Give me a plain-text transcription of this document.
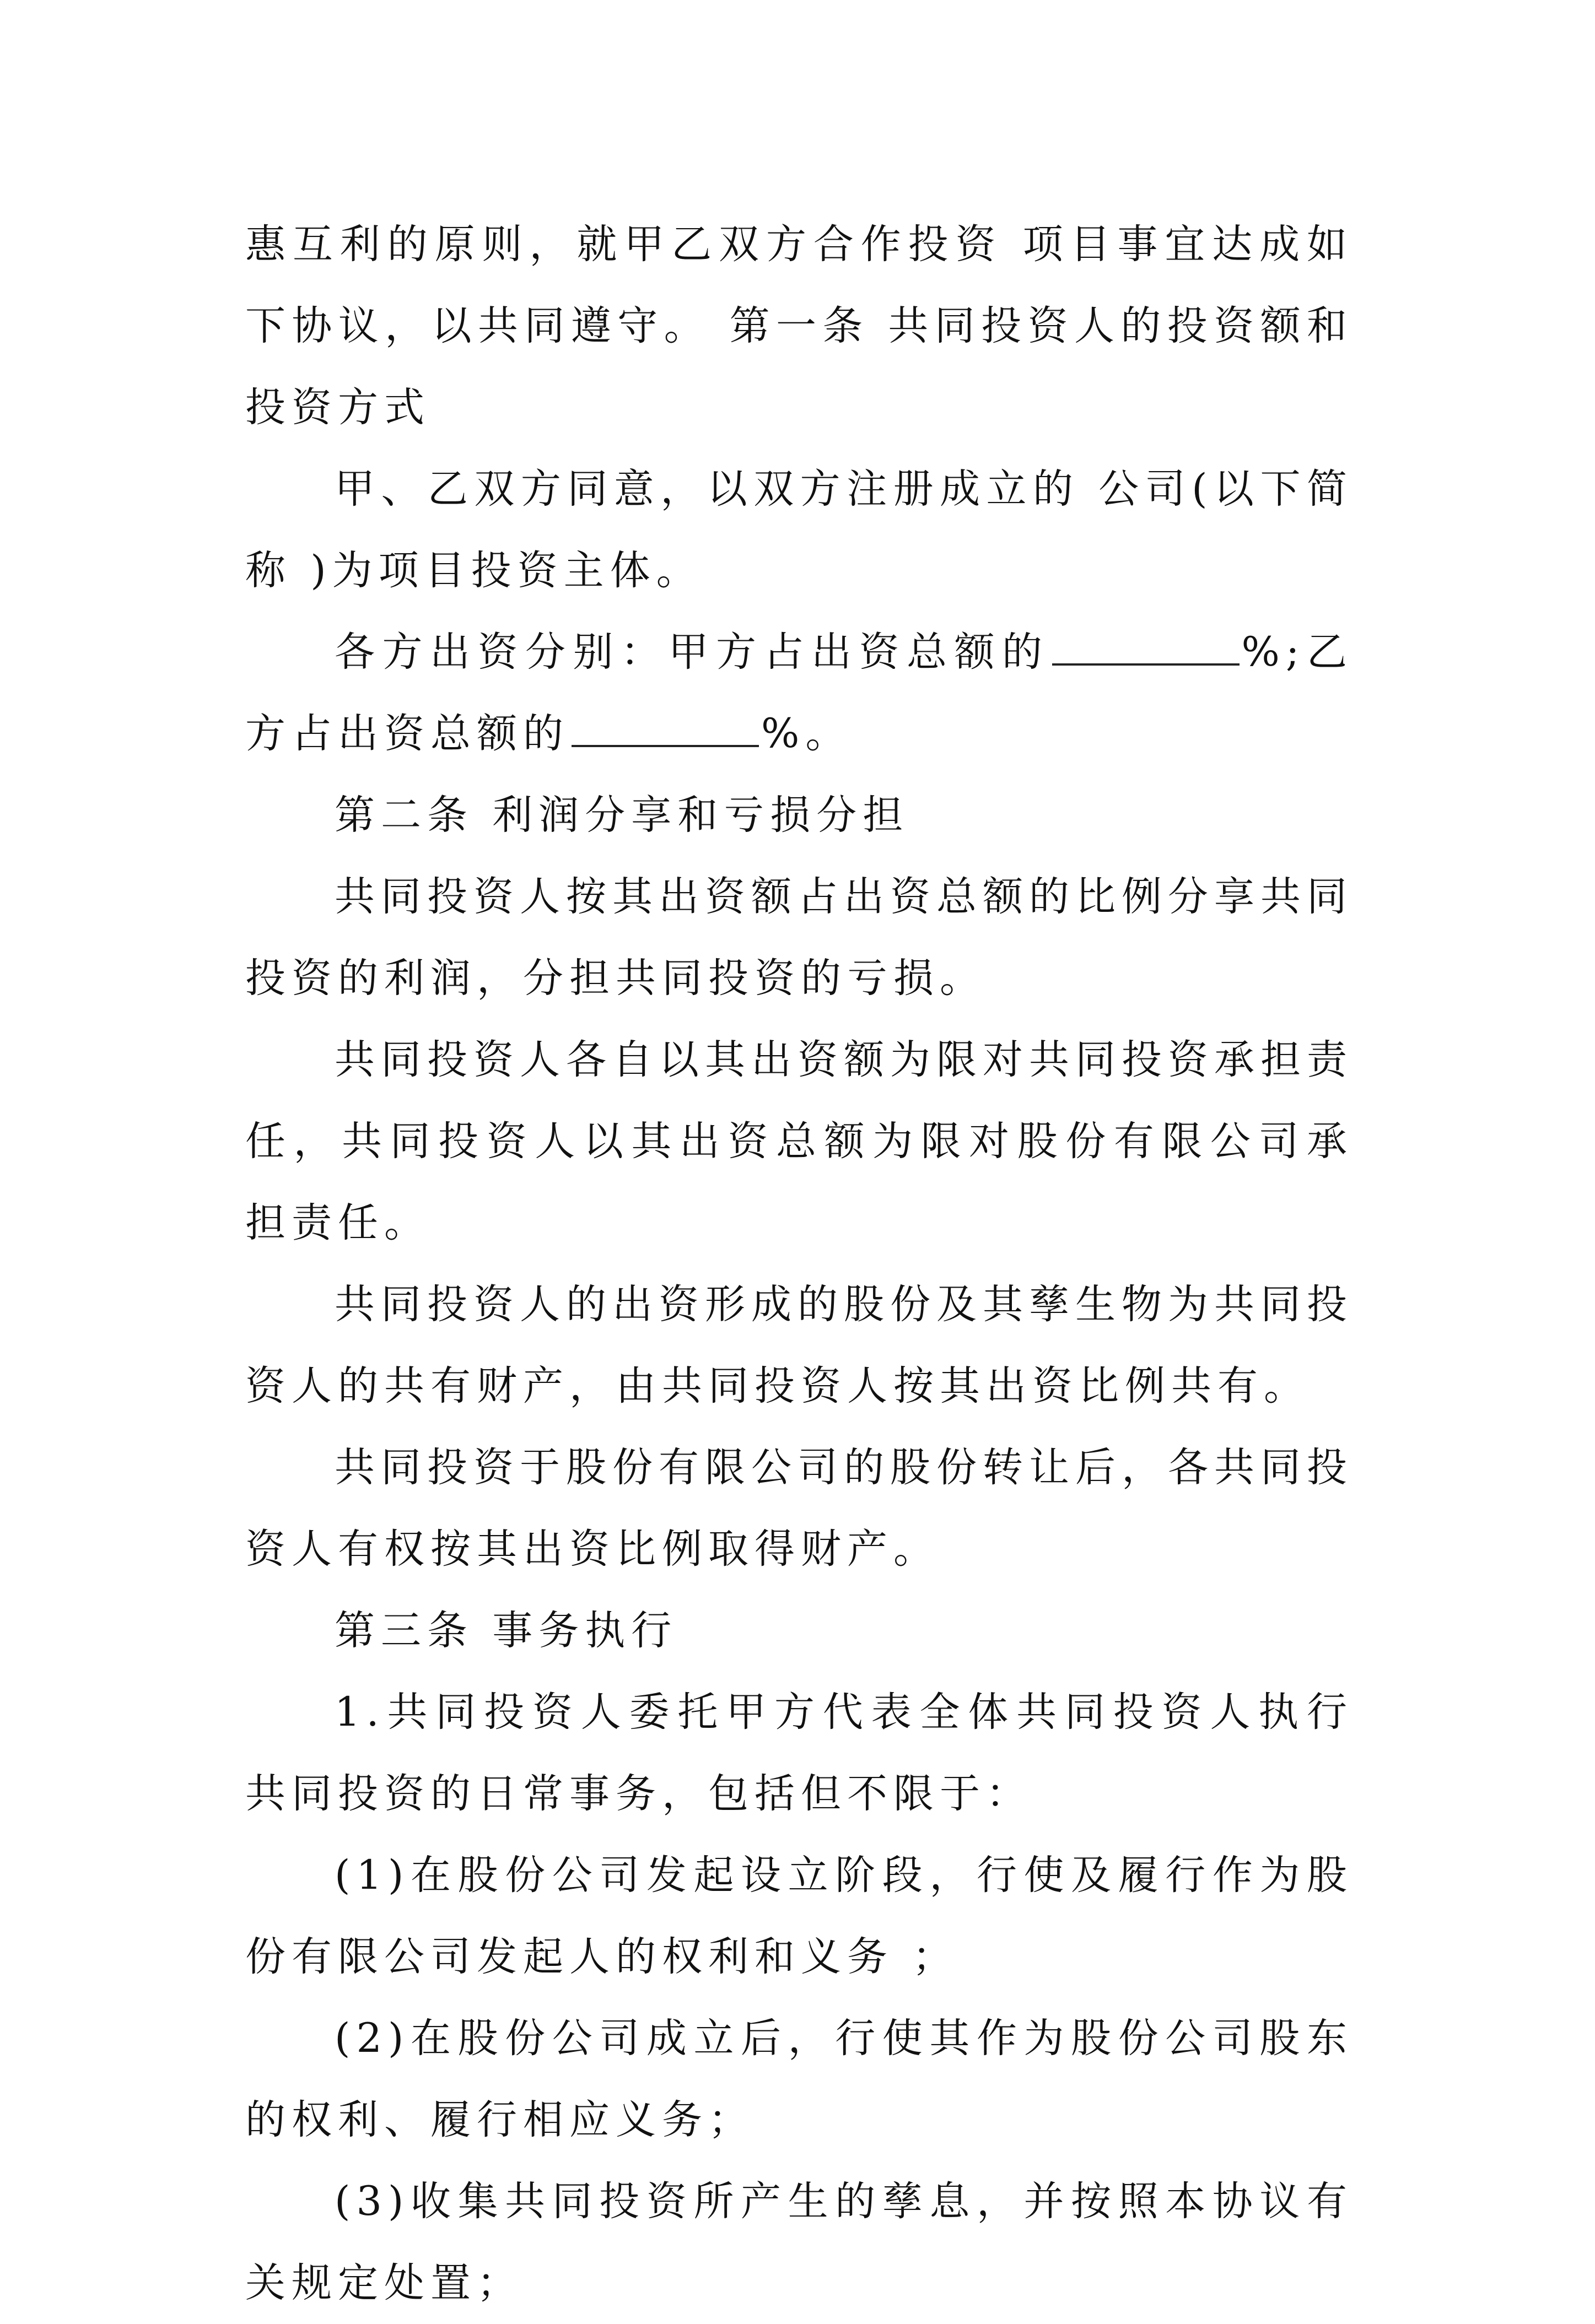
惠互利的原则，就甲乙双方合作投资 项目事宜达成如下协议，以共同遵守。 第一条 共同投资人的投资额和投资方式

甲、乙双方同意，以双方注册成立的 公司(以下简称 )为项目投资主体。

各方出资分别：甲方占出资总额的	%;乙方占出资总额的	%。

第二条 利润分享和亏损分担

共同投资人按其出资额占出资总额的比例分享共同投资的利润，分担共同投资的亏损。

共同投资人各自以其出资额为限对共同投资承担责任，共同投资人以其出资总额为限对股份有限公司承担责任。

共同投资人的出资形成的股份及其孳生物为共同投资人的共有财产，由共同投资人按其出资比例共有。

共同投资于股份有限公司的股份转让后，各共同投资人有权按其出资比例取得财产。

第三条 事务执行

1.共同投资人委托甲方代表全体共同投资人执行共同投资的日常事务，包括但不限于：

(1)在股份公司发起设立阶段，行使及履行作为股份有限公司发起人的权利和义务 ；

(2)在股份公司成立后，行使其作为股份公司股东的权利、履行相应义务；

(3)收集共同投资所产生的孳息，并按照本协议有关规定处置；
